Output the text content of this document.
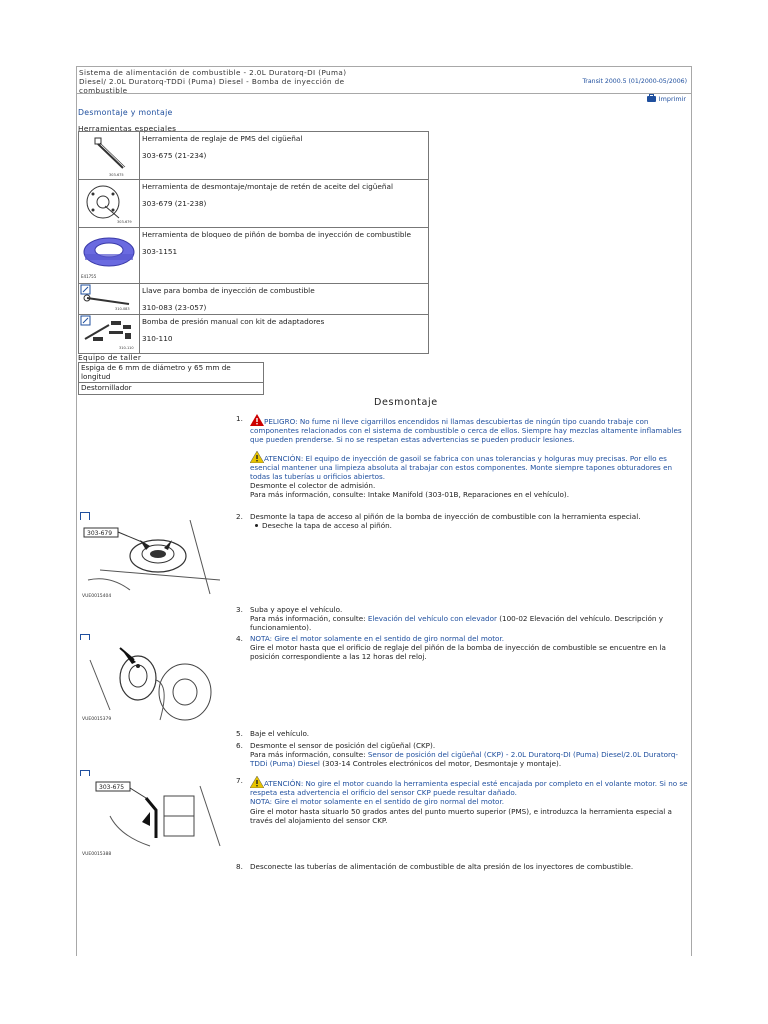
Sistema de alimentación de combustible - 2.0L Duratorq-DI (Puma) Diesel/ 2.0L Duratorq-TDDi (Puma) Diesel - Bomba de inyección de combustible
Transit 2000.5 (01/2000-05/2006)
Imprimir
Desmontaje y montaje
Herramientas especiales
303-675	Herramienta de reglaje de PMS del cigüeñal

303-675 (21-234)

303-679	Herramienta de desmontaje/montaje de retén de aceite del cigüeñal

303-679 (21-238)

E41755	Herramienta de bloqueo de piñón de bomba de inyección de combustible

303-1151

310-083	Llave para bomba de inyección de combustible

310-083 (23-057)

310-110	Bomba de presión manual con kit de adaptadores

310-110

Equipo de taller
Espiga de 6 mm de diámetro y 65 mm de longitud
Destornillador
Desmontaje
1.	PELIGRO: No fume ni lleve cigarrillos encendidos ni llamas descubiertas de ningún tipo cuando trabaje con componentes relacionados con el sistema de combustible o cerca de ellos. Siempre hay mezclas altamente inflamables que pueden prenderse. Si no se respetan estas advertencias se pueden producir lesiones.
ATENCIÓN: El equipo de inyección de gasoil se fabrica con unas tolerancias y holguras muy precisas. Por ello es esencial mantener una limpieza absoluta al trabajar con estos componentes. Monte siempre tapones obturadores en todas las tuberías u orificios abiertos.
Desmonte el colector de admisión.
Para más información, consulte: Intake Manifold (303-01B, Reparaciones en el vehículo).
303-679
VUE0015404
2. Desmonte la tapa de acceso al piñón de la bomba de inyección de combustible con la herramienta especial.
Deseche la tapa de acceso al piñón.
3. Suba y apoye el vehículo.
Para más información, consulte: Elevación del vehículo con elevador (100-02 Elevación del vehículo. Descripción y funcionamiento).
VUE0015379
4. NOTA: Gire el motor solamente en el sentido de giro normal del motor.
Gire el motor hasta que el orificio de reglaje del piñón de la bomba de inyección de combustible se encuentre en la posición correspondiente a las 12 horas del reloj.
5. Baje el vehículo.
6. Desmonte el sensor de posición del cigüeñal (CKP).
Para más información, consulte: Sensor de posición del cigüeñal (CKP) - 2.0L Duratorq-DI (Puma) Diesel/2.0L Duratorq-TDDi (Puma) Diesel (303-14 Controles electrónicos del motor, Desmontaje y montaje).
303-675
VUE0015388
7.	ATENCIÓN: No gire el motor cuando la herramienta especial esté encajada por completo en el volante motor. Si no se respeta esta advertencia el orificio del sensor CKP puede resultar dañado.
NOTA: Gire el motor solamente en el sentido de giro normal del motor.
Gire el motor hasta situarlo 50 grados antes del punto muerto superior (PMS), e introduzca la herramienta especial a través del alojamiento del sensor CKP.
8. Desconecte las tuberías de alimentación de combustible de alta presión de los inyectores de combustible.
